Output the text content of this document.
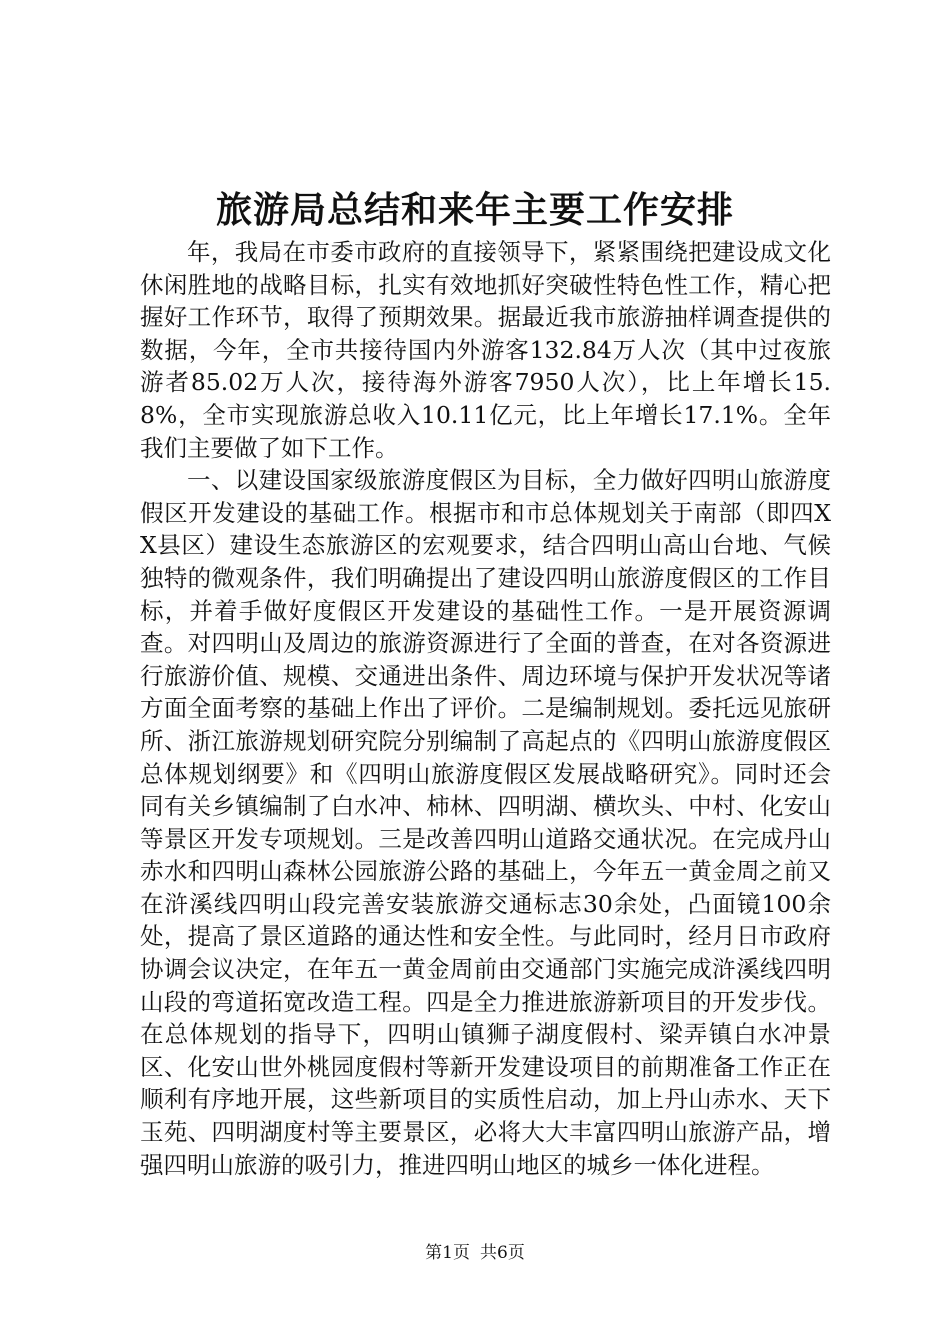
旅游局总结和来年主要工作安排

年，我局在市委市政府的直接领导下，紧紧围绕把建设成文化休闲胜地的战略目标，扎实有效地抓好突破性特色性工作，精心把握好工作环节，取得了预期效果。据最近我市旅游抽样调查提供的数据，今年，全市共接待国内外游客132.84万人次（其中过夜旅游者85.02万人次，接待海外游客7950人次），比上年增长15.8%，全市实现旅游总收入10.11亿元，比上年增长17.1%。全年我们主要做了如下工作。

一、以建设国家级旅游度假区为目标，全力做好四明山旅游度假区开发建设的基础工作。根据市和市总体规划关于南部（即四XX县区）建设生态旅游区的宏观要求，结合四明山高山台地、气候独特的微观条件，我们明确提出了建设四明山旅游度假区的工作目标，并着手做好度假区开发建设的基础性工作。一是开展资源调查。对四明山及周边的旅游资源进行了全面的普查，在对各资源进行旅游价值、规模、交通进出条件、周边环境与保护开发状况等诸方面全面考察的基础上作出了评价。二是编制规划。委托远见旅研所、浙江旅游规划研究院分别编制了高起点的《四明山旅游度假区总体规划纲要》和《四明山旅游度假区发展战略研究》。同时还会同有关乡镇编制了白水冲、柿林、四明湖、横坎头、中村、化安山等景区开发专项规划。三是改善四明山道路交通状况。在完成丹山赤水和四明山森林公园旅游公路的基础上，今年五一黄金周之前又在浒溪线四明山段完善安装旅游交通标志30余处，凸面镜100余处，提高了景区道路的通达性和安全性。与此同时，经月日市政府协调会议决定，在年五一黄金周前由交通部门实施完成浒溪线四明山段的弯道拓宽改造工程。四是全力推进旅游新项目的开发步伐。在总体规划的指导下，四明山镇狮子湖度假村、梁弄镇白水冲景区、化安山世外桃园度假村等新开发建设项目的前期准备工作正在顺利有序地开展，这些新项目的实质性启动，加上丹山赤水、天下玉苑、四明湖度村等主要景区，必将大大丰富四明山旅游产品，增强四明山旅游的吸引力，推进四明山地区的城乡一体化进程。

第1页 共6页
